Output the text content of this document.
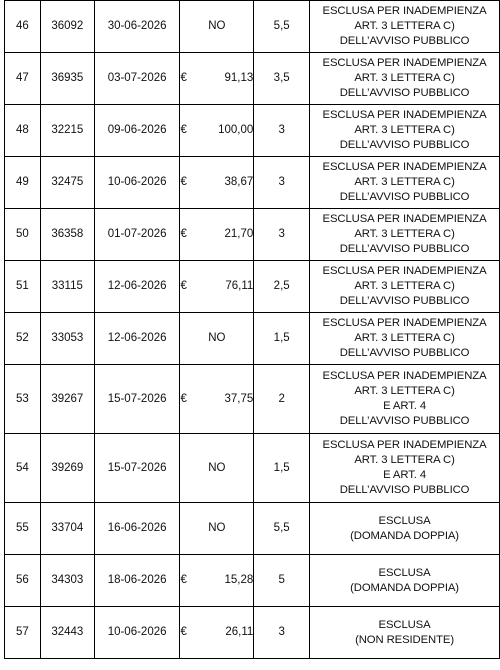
46	36092	30-06-2026	NO	5,5	ESCLUSA PER INADEMPIENZA
ART. 3 LETTERA C)
DELL’AVVISO PUBBLICO

47	36935	03-07-2026	€ 91,13	3,5	ESCLUSA PER INADEMPIENZA
ART. 3 LETTERA C)
DELL’AVVISO PUBBLICO

48	32215	09-06-2026	€ 100,00	3	ESCLUSA PER INADEMPIENZA
ART. 3 LETTERA C)
DELL’AVVISO PUBBLICO

49	32475	10-06-2026	€ 38,67	3	ESCLUSA PER INADEMPIENZA
ART. 3 LETTERA C)
DELL’AVVISO PUBBLICO

50	36358	01-07-2026	€ 21,70	3	ESCLUSA PER INADEMPIENZA
ART. 3 LETTERA C)
DELL’AVVISO PUBBLICO

51	33115	12-06-2026	€ 76,11	2,5	ESCLUSA PER INADEMPIENZA
ART. 3 LETTERA C)
DELL’AVVISO PUBBLICO

52	33053	12-06-2026	NO	1,5	ESCLUSA PER INADEMPIENZA
ART. 3 LETTERA C)
DELL’AVVISO PUBBLICO

53	39267	15-07-2026	€ 37,75	2	ESCLUSA PER INADEMPIENZA
ART. 3 LETTERA C)
E ART. 4
DELL’AVVISO PUBBLICO

54	39269	15-07-2026	NO	1,5	ESCLUSA PER INADEMPIENZA
ART. 3 LETTERA C)
E ART. 4
DELL’AVVISO PUBBLICO

55	33704	16-06-2026	NO	5,5	ESCLUSA
(DOMANDA DOPPIA)

56	34303	18-06-2026	€ 15,28	5	ESCLUSA
(DOMANDA DOPPIA)

57	32443	10-06-2026	€ 26,11	3	ESCLUSA
(NON RESIDENTE)
